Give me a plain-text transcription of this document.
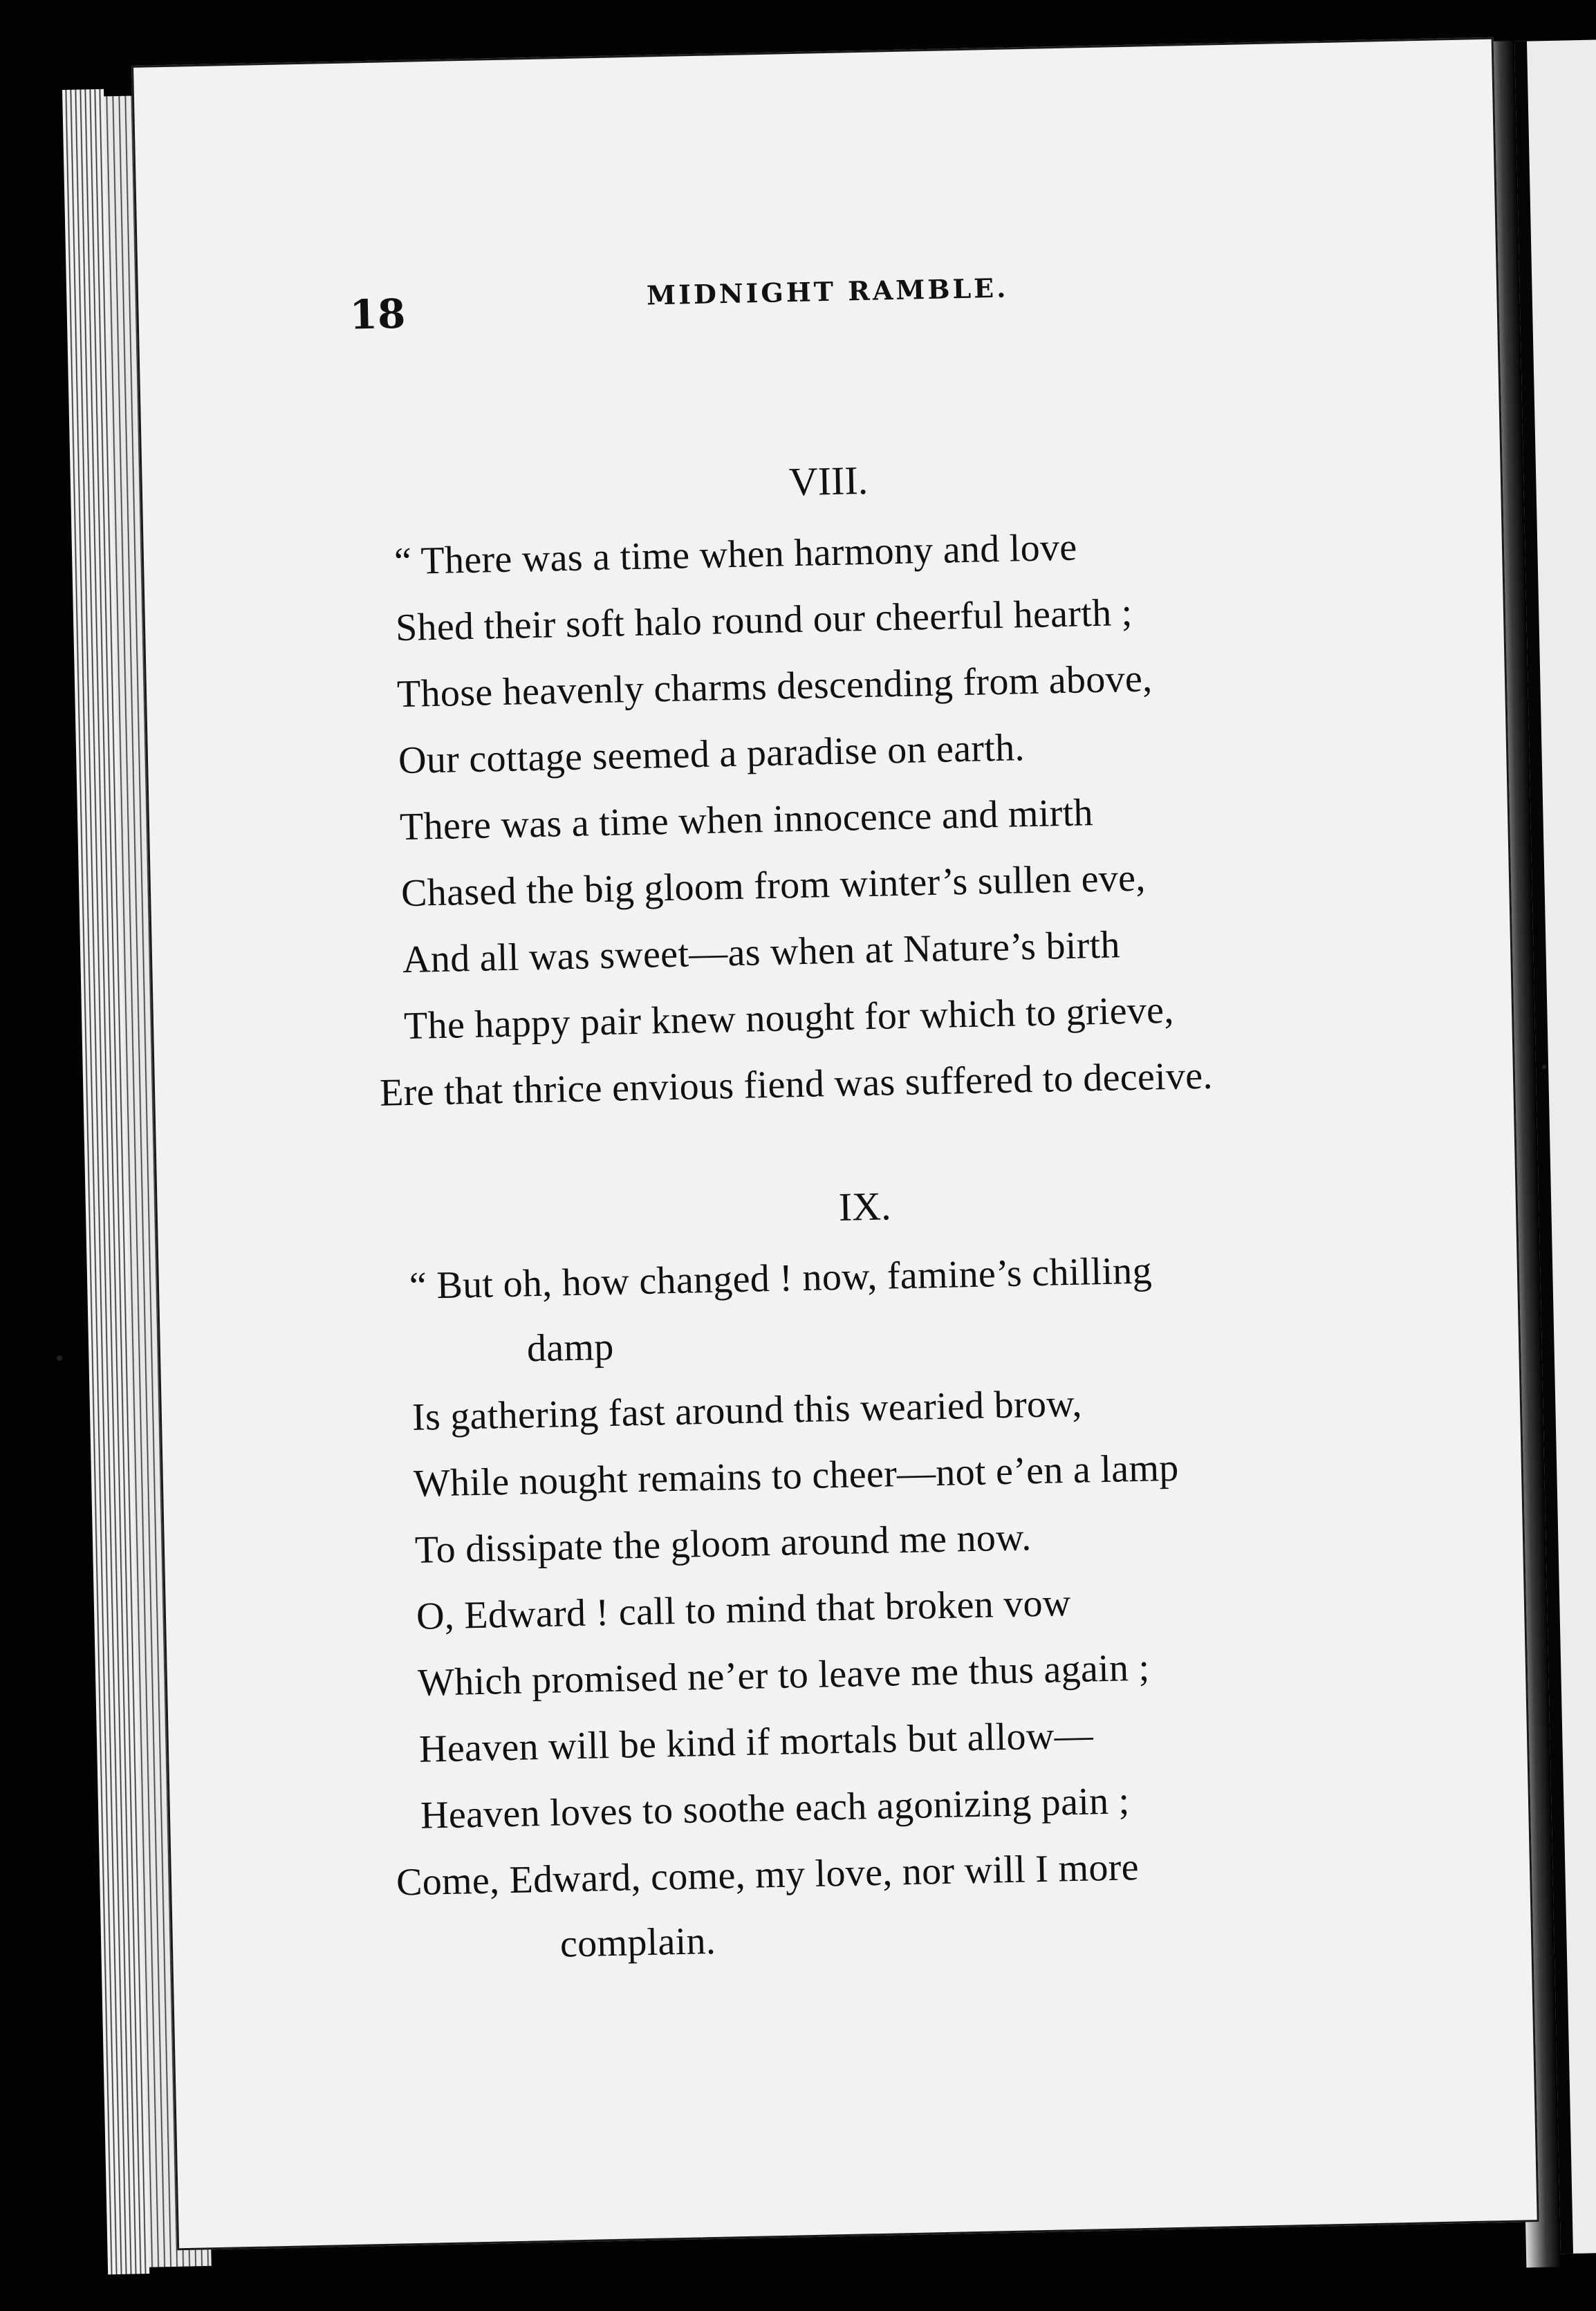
18	MIDNIGHT RAMBLE.
VIII.
“ There was a time when harmony and love
Shed their soft halo round our cheerful hearth ;
Those heavenly charms descending from above,
Our cottage seemed a paradise on earth.
There was a time when innocence and mirth
Chased the big gloom from winter’s sullen eve,
And all was sweet—as when at Nature’s birth
The happy pair knew nought for which to grieve,
Ere that thrice envious fiend was suffered to deceive.
IX.
“ But oh, how changed ! now, famine’s chilling
damp
Is gathering fast around this wearied brow,
While nought remains to cheer—not e’en a lamp
To dissipate the gloom around me now.
O, Edward ! call to mind that broken vow
Which promised ne’er to leave me thus again ;
Heaven will be kind if mortals but allow—
Heaven loves to soothe each agonizing pain ;
Come, Edward, come, my love, nor will I more
complain.
